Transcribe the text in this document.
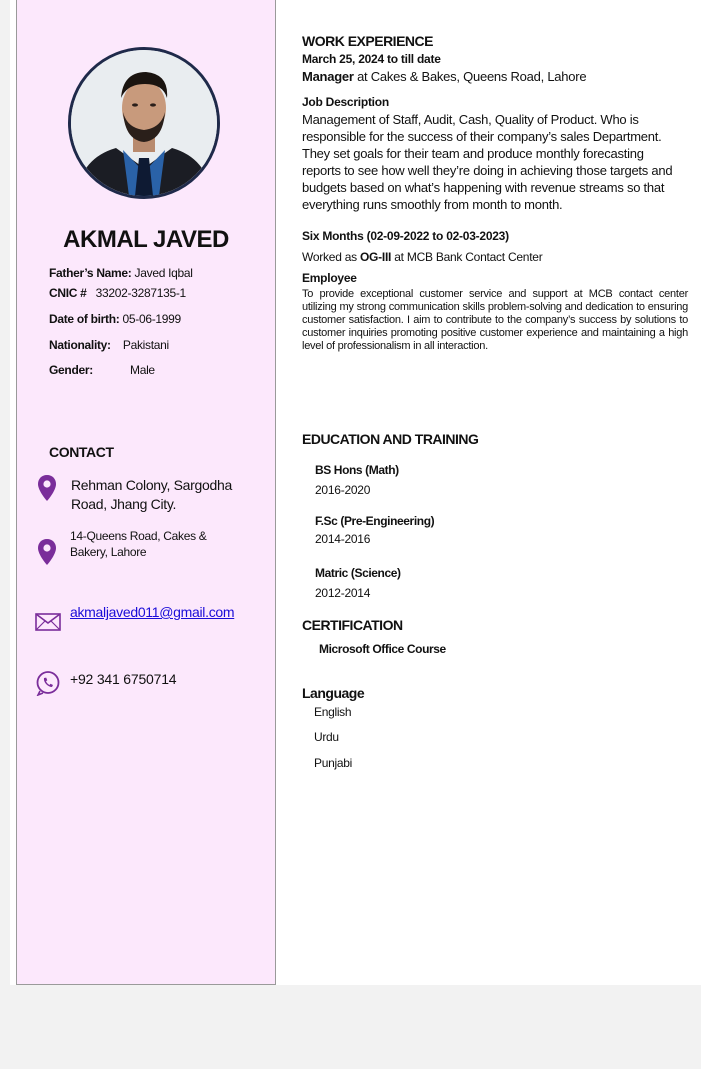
AKMAL JAVED
Father’s Name: Javed Iqbal
CNIC # 33202-3287135-1
Date of birth: 05-06-1999
Nationality: Pakistani
Gender:	Male
CONTACT
Rehman Colony, Sargodha Road, Jhang City.
14-Queens Road, Cakes & Bakery, Lahore
akmaljaved011@gmail.com
+92 341 6750714
WORK EXPERIENCE
March 25, 2024 to till date
Manager at Cakes & Bakes, Queens Road, Lahore
Job Description
Management of Staff, Audit, Cash, Quality of Product. Who is responsible for the success of their company’s sales Department. They set goals for their team and produce monthly forecasting reports to see how well they’re doing in achieving those targets and budgets based on what’s happening with revenue streams so that everything runs smoothly from month to month.
Six Months (02-09-2022 to 02-03-2023)
Worked as OG-III at MCB Bank Contact Center
Employee
To provide exceptional customer service and support at MCB contact center utilizing my strong communication skills problem-solving and dedication to ensuring customer satisfaction. I aim to contribute to the company’s success by solutions to customer inquiries promoting positive customer experience and maintaining a high level of professionalism in all interaction.
EDUCATION AND TRAINING
BS Hons (Math)
2016-2020
F.Sc (Pre-Engineering)
2014-2016
Matric (Science)
2012-2014
CERTIFICATION
Microsoft Office Course
Language
English
Urdu
Punjabi
